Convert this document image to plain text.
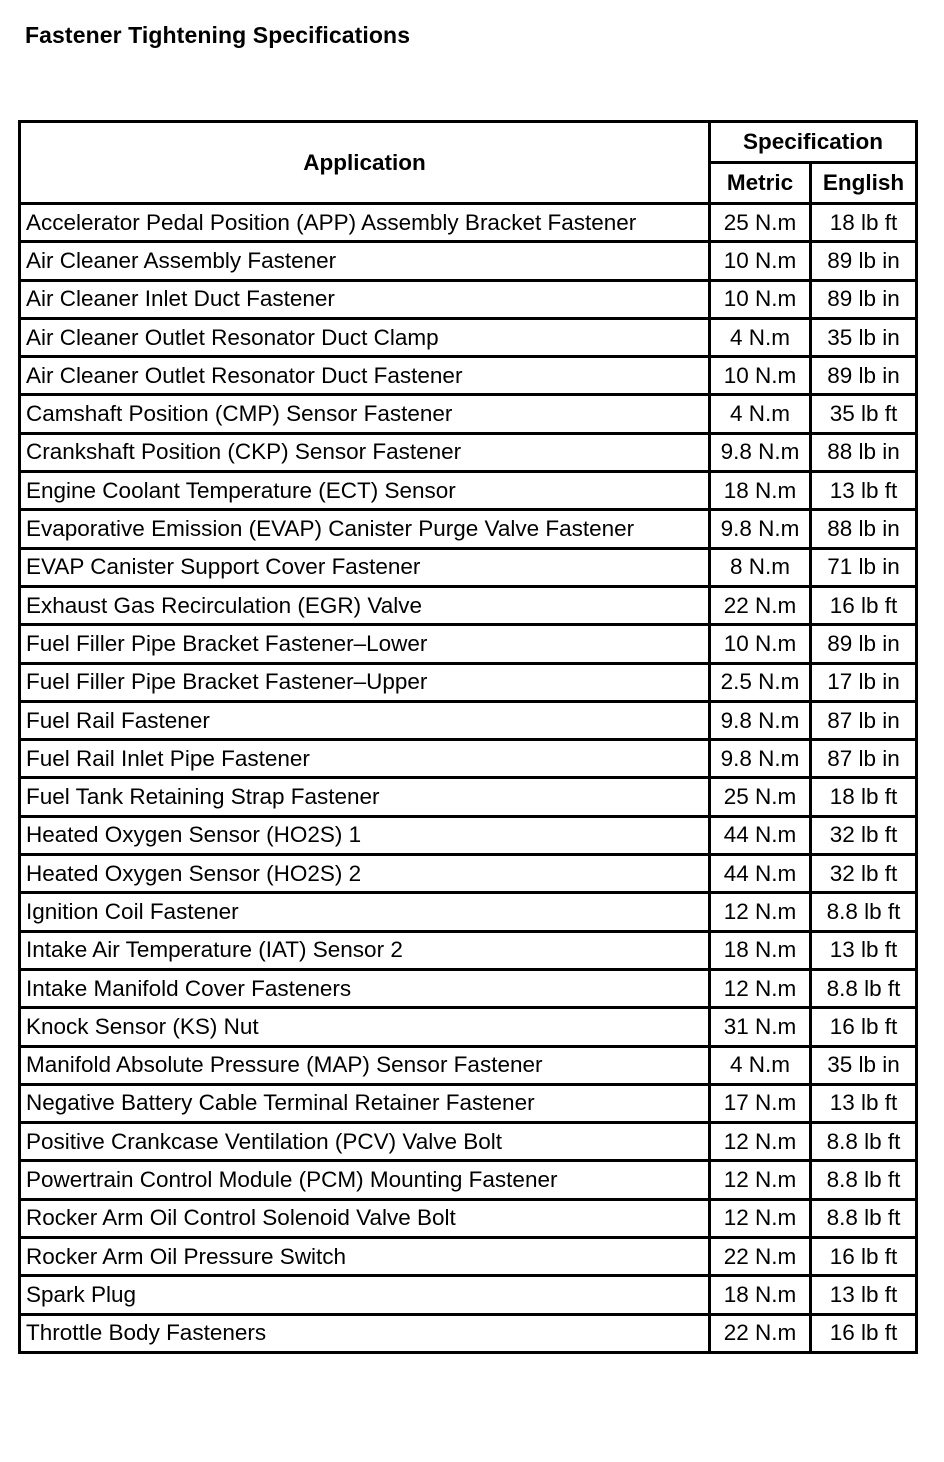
Fastener Tightening Specifications
Application	Specification	
	Metric	English
Accelerator Pedal Position (APP) Assembly Bracket Fastener	25 N.m	18 lb ft
Air Cleaner Assembly Fastener	10 N.m	89 lb in
Air Cleaner Inlet Duct Fastener	10 N.m	89 lb in
Air Cleaner Outlet Resonator Duct Clamp	4 N.m	35 lb in
Air Cleaner Outlet Resonator Duct Fastener	10 N.m	89 lb in
Camshaft Position (CMP) Sensor Fastener	4 N.m	35 lb ft
Crankshaft Position (CKP) Sensor Fastener	9.8 N.m	88 lb in
Engine Coolant Temperature (ECT) Sensor	18 N.m	13 lb ft
Evaporative Emission (EVAP) Canister Purge Valve Fastener	9.8 N.m	88 lb in
EVAP Canister Support Cover Fastener	8 N.m	71 lb in
Exhaust Gas Recirculation (EGR) Valve	22 N.m	16 lb ft
Fuel Filler Pipe Bracket Fastener–Lower	10 N.m	89 lb in
Fuel Filler Pipe Bracket Fastener–Upper	2.5 N.m	17 lb in
Fuel Rail Fastener	9.8 N.m	87 lb in
Fuel Rail Inlet Pipe Fastener	9.8 N.m	87 lb in
Fuel Tank Retaining Strap Fastener	25 N.m	18 lb ft
Heated Oxygen Sensor (HO2S) 1	44 N.m	32 lb ft
Heated Oxygen Sensor (HO2S) 2	44 N.m	32 lb ft
Ignition Coil Fastener	12 N.m	8.8 lb ft
Intake Air Temperature (IAT) Sensor 2	18 N.m	13 lb ft
Intake Manifold Cover Fasteners	12 N.m	8.8 lb ft
Knock Sensor (KS) Nut	31 N.m	16 lb ft
Manifold Absolute Pressure (MAP) Sensor Fastener	4 N.m	35 lb in
Negative Battery Cable Terminal Retainer Fastener	17 N.m	13 lb ft
Positive Crankcase Ventilation (PCV) Valve Bolt	12 N.m	8.8 lb ft
Powertrain Control Module (PCM) Mounting Fastener	12 N.m	8.8 lb ft
Rocker Arm Oil Control Solenoid Valve Bolt	12 N.m	8.8 lb ft
Rocker Arm Oil Pressure Switch	22 N.m	16 lb ft
Spark Plug	18 N.m	13 lb ft
Throttle Body Fasteners	22 N.m	16 lb ft
